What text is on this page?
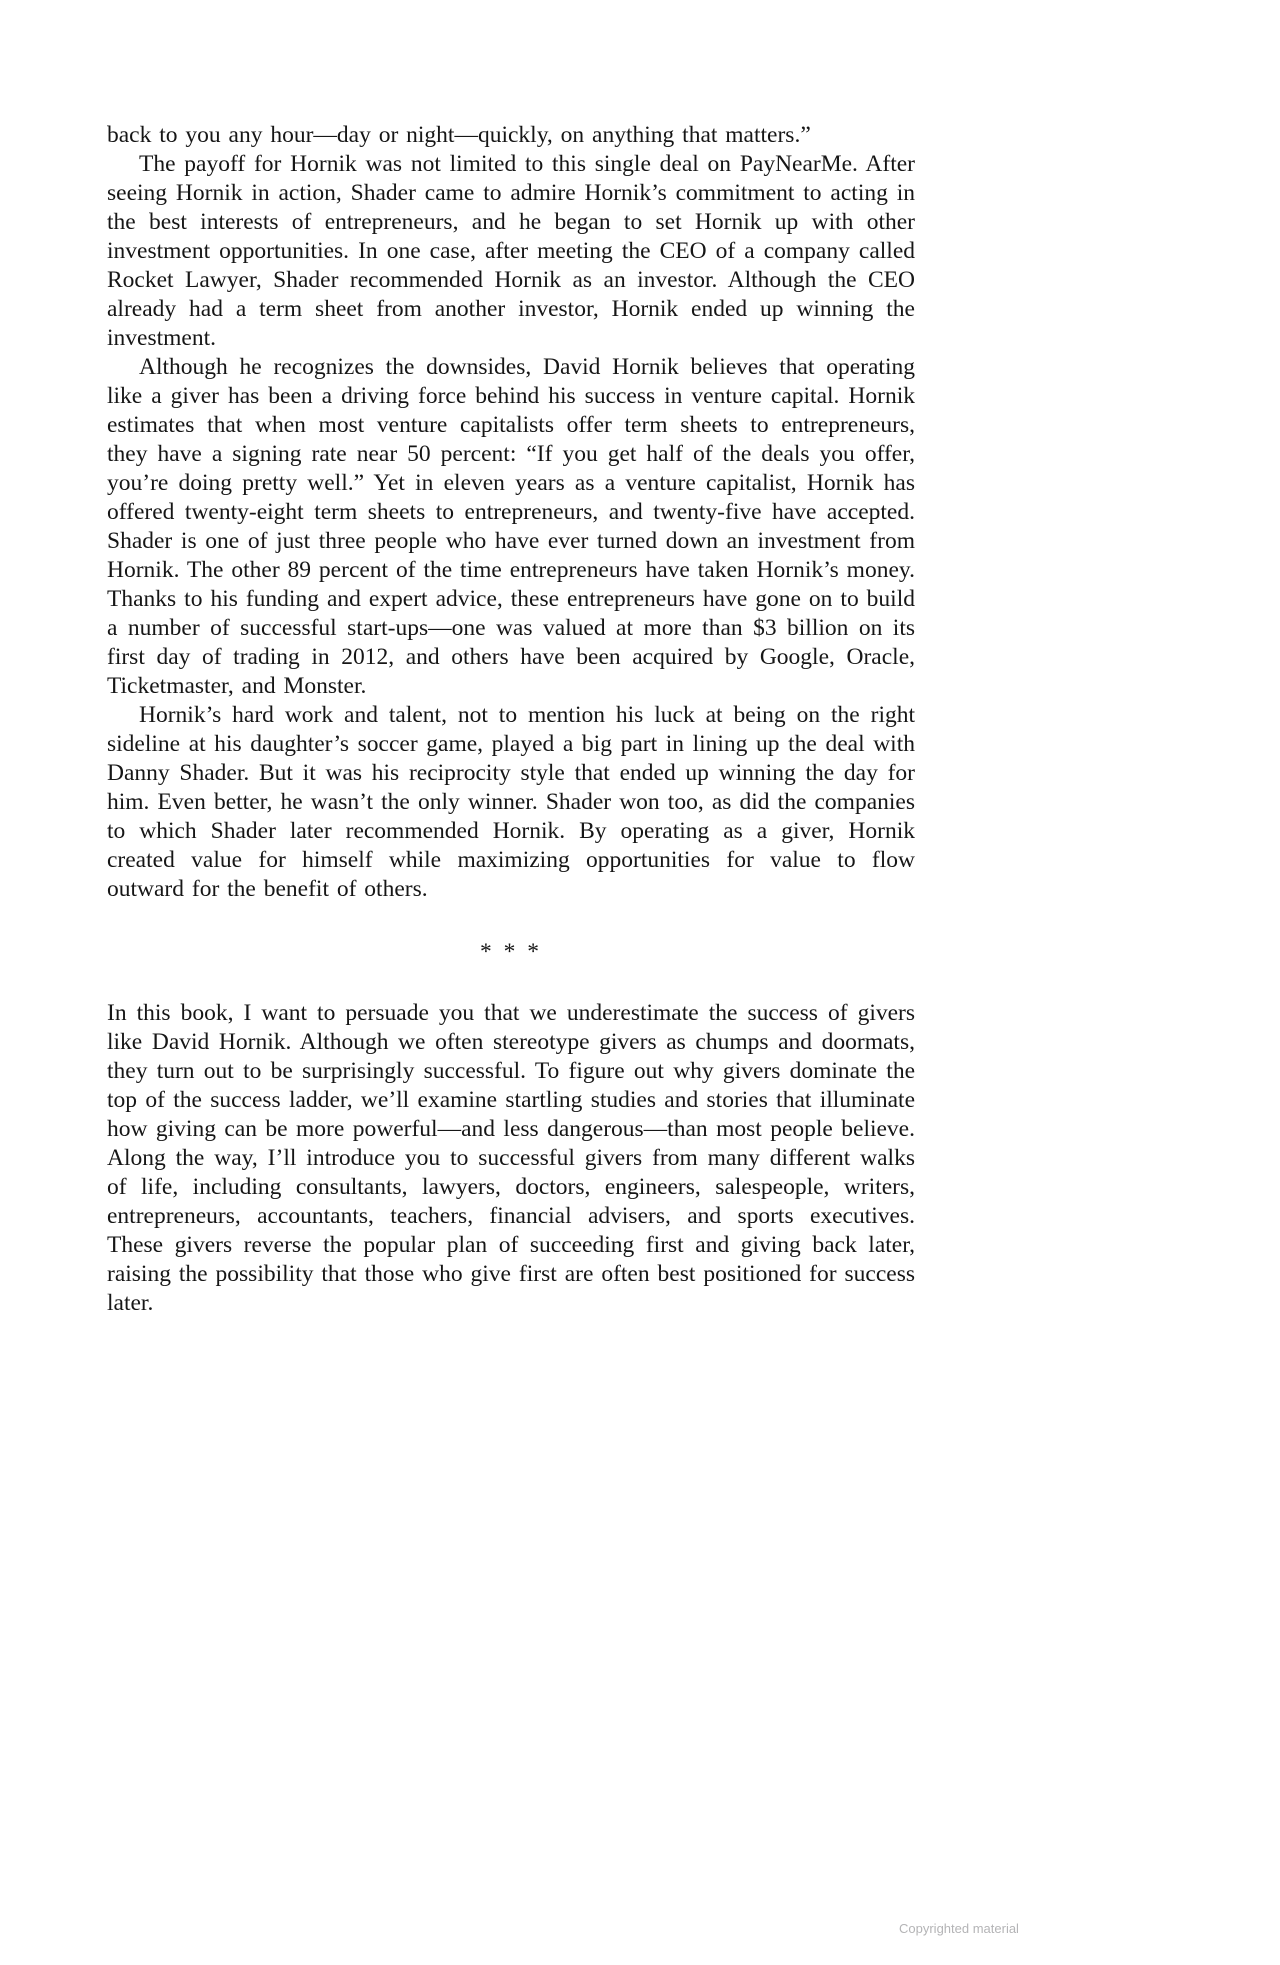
back to you any hour—day or night—quickly, on anything that matters.”

The payoff for Hornik was not limited to this single deal on PayNearMe. After seeing Hornik in action, Shader came to admire Hornik’s commitment to acting in the best interests of entrepreneurs, and he began to set Hornik up with other investment opportunities. In one case, after meeting the CEO of a company called Rocket Lawyer, Shader recommended Hornik as an investor. Although the CEO already had a term sheet from another investor, Hornik ended up winning the investment.

Although he recognizes the downsides, David Hornik believes that operating like a giver has been a driving force behind his success in venture capital. Hornik estimates that when most venture capitalists offer term sheets to entrepreneurs, they have a signing rate near 50 percent: “If you get half of the deals you offer, you’re doing pretty well.” Yet in eleven years as a venture capitalist, Hornik has offered twenty-eight term sheets to entrepreneurs, and twenty-five have accepted. Shader is one of just three people who have ever turned down an investment from Hornik. The other 89 percent of the time entrepreneurs have taken Hornik’s money. Thanks to his funding and expert advice, these entrepreneurs have gone on to build a number of successful start-ups—one was valued at more than $3 billion on its first day of trading in 2012, and others have been acquired by Google, Oracle, Ticketmaster, and Monster.

Hornik’s hard work and talent, not to mention his luck at being on the right sideline at his daughter’s soccer game, played a big part in lining up the deal with Danny Shader. But it was his reciprocity style that ended up winning the day for him. Even better, he wasn’t the only winner. Shader won too, as did the companies to which Shader later recommended Hornik. By operating as a giver, Hornik created value for himself while maximizing opportunities for value to flow outward for the benefit of others.

* * *

In this book, I want to persuade you that we underestimate the success of givers like David Hornik. Although we often stereotype givers as chumps and doormats, they turn out to be surprisingly successful. To figure out why givers dominate the top of the success ladder, we’ll examine startling studies and stories that illuminate how giving can be more powerful—and less dangerous—than most people believe. Along the way, I’ll introduce you to successful givers from many different walks of life, including consultants, lawyers, doctors, engineers, salespeople, writers, entrepreneurs, accountants, teachers, financial advisers, and sports executives. These givers reverse the popular plan of succeeding first and giving back later, raising the possibility that those who give first are often best positioned for success later.

Copyrighted material
